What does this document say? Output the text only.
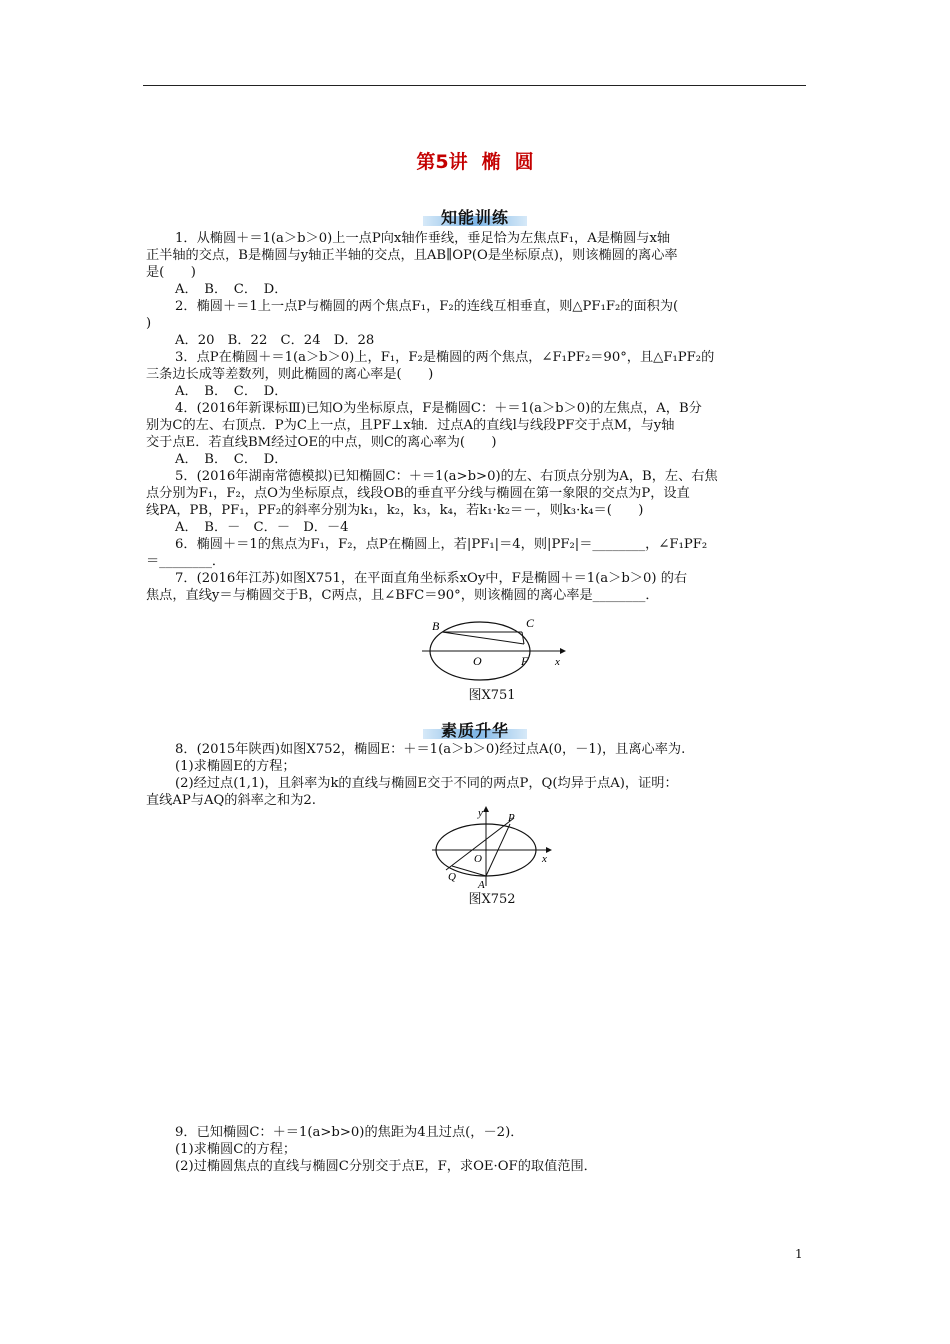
第5讲 椭 圆
知能训练

1．从椭圆＋＝1(a＞b＞0)上一点P向x轴作垂线，垂足恰为左焦点F₁，A是椭圆与x轴

正半轴的交点，B是椭圆与y轴正半轴的交点，且AB∥OP(O是坐标原点)，则该椭圆的离心率

是(　　)

A．　B．　C．　D．

2．椭圆＋＝1上一点P与椭圆的两个焦点F₁，F₂的连线互相垂直，则△PF₁F₂的面积为(

)

A．20　B．22　C．24　D．28

3．点P在椭圆＋＝1(a＞b＞0)上，F₁，F₂是椭圆的两个焦点，∠F₁PF₂＝90°，且△F₁PF₂的

三条边长成等差数列，则此椭圆的离心率是(　　)

A．　B．　C．　D．

4．(2016年新课标Ⅲ)已知O为坐标原点，F是椭圆C：＋＝1(a＞b＞0)的左焦点，A，B分

别为C的左、右顶点．P为C上一点，且PF⊥x轴．过点A的直线l与线段PF交于点M，与y轴

交于点E．若直线BM经过OE的中点，则C的离心率为(　　)

A．　B．　C．　D．

5．(2016年湖南常德模拟)已知椭圆C：＋＝1(a>b>0)的左、右顶点分别为A，B，左、右焦

点分别为F₁，F₂，点O为坐标原点，线段OB的垂直平分线与椭圆在第一象限的交点为P，设直

线PA，PB，PF₁，PF₂的斜率分别为k₁，k₂，k₃，k₄，若k₁·k₂＝－，则k₃·k₄＝(　　)

A．　B．－　C．－　D．－4

6．椭圆＋＝1的焦点为F₁，F₂，点P在椭圆上，若|PF₁|＝4，则|PF₂|＝________，∠F₁PF₂

＝________．

7．(2016年江苏)如图X751，在平面直角坐标系xOy中，F是椭圆＋＝1(a＞b＞0) 的右

焦点，直线y＝与椭圆交于B，C两点，且∠BFC＝90°，则该椭圆的离心率是________．

B	C
O	F x
图X751
素质升华

8．(2015年陕西)如图X752，椭圆E：＋＝1(a＞b＞0)经过点A(0，－1)，且离心率为.

(1)求椭圆E的方程；

(2)经过点(1,1)，且斜率为k的直线与椭圆E交于不同的两点P，Q(均异于点A)，证明：

直线AP与AQ的斜率之和为2.

y P
O
Q
A
x
图X752

9．已知椭圆C：＋＝1(a>b>0)的焦距为4且过点(，－2)．

(1)求椭圆C的方程；

(2)过椭圆焦点的直线与椭圆C分别交于点E，F，求OE·OF的取值范围．

1
